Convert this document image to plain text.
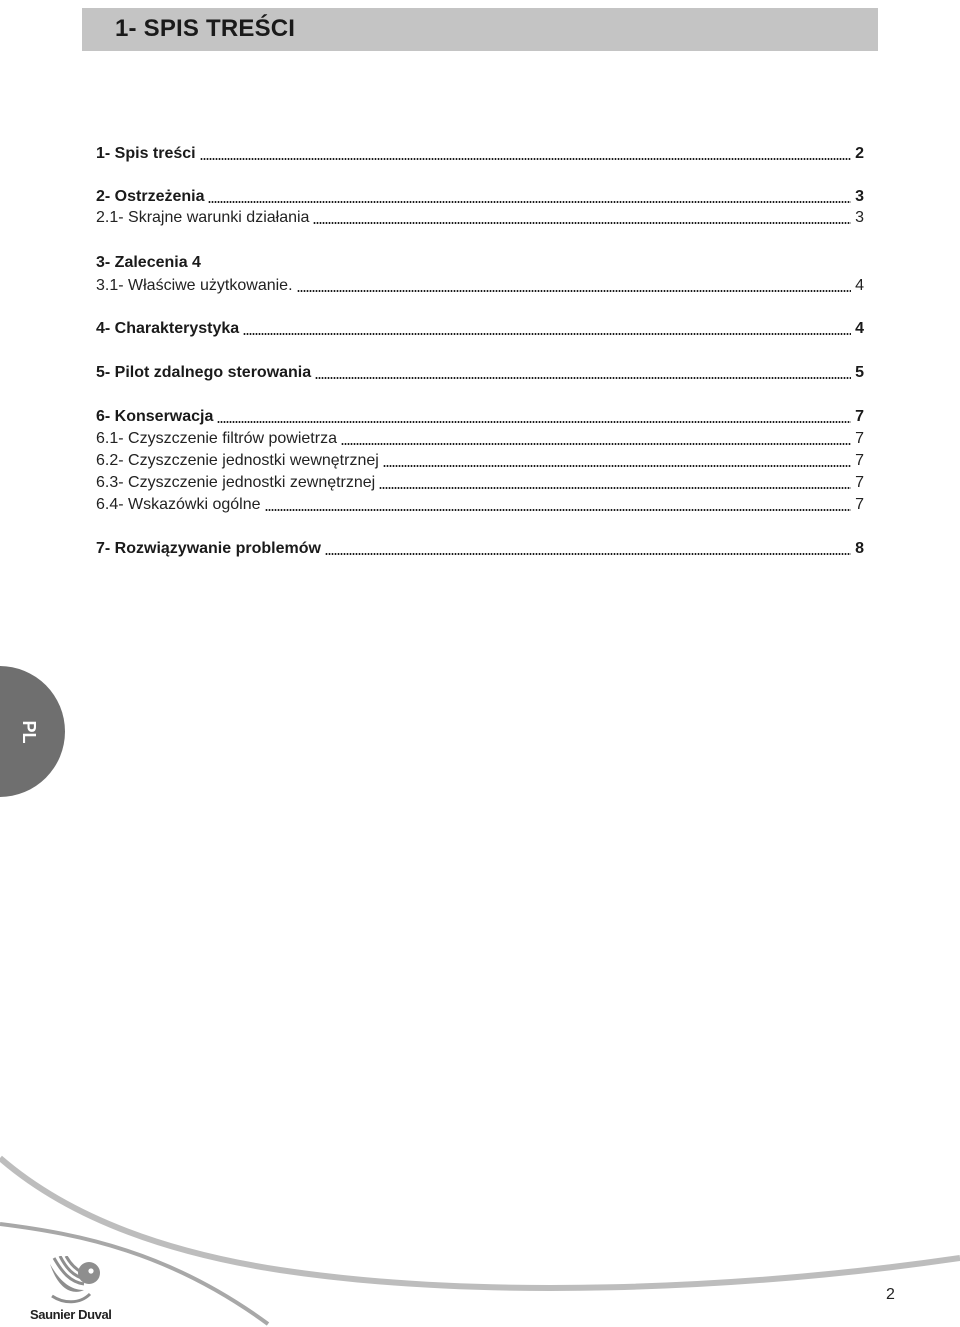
1- SPIS TREŚCI
1- Spis treści	2
2- Ostrzeżenia	3
2.1- Skrajne warunki działania	3
3- Zalecenia 4
3.1- Właściwe użytkowanie.	4
4- Charakterystyka	4
5- Pilot zdalnego sterowania	5
6- Konserwacja	7
6.1- Czyszczenie filtrów powietrza	7
6.2- Czyszczenie jednostki wewnętrznej	7
6.3- Czyszczenie jednostki zewnętrznej	7
6.4- Wskazówki ogólne	7
7- Rozwiązywanie problemów	8
PL
Saunier Duval
2
